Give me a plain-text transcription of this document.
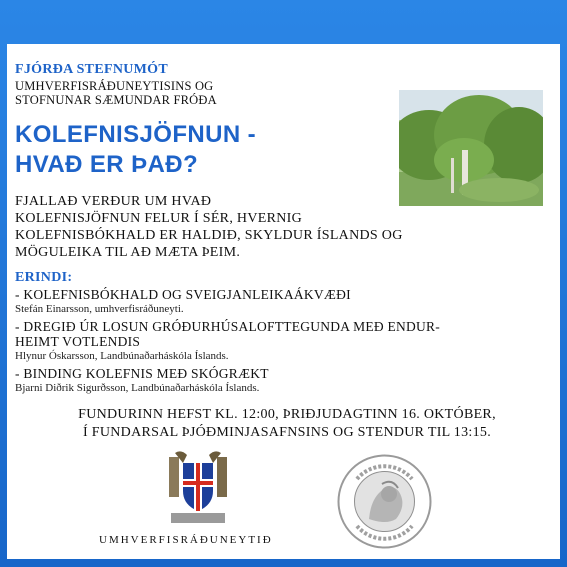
FJÓRÐA STEFNUMÓT
UMHVERFISRÁÐUNEYTISINS OG
STOFNUNAR SÆMUNDAR FRÓÐA
KOLEFNISJÖFNUN -
HVAÐ ER ÞAÐ?
FJALLAÐ VERÐUR UM HVAÐ
KOLEFNISJÖFNUN FELUR Í SÉR, HVERNIG
KOLEFNISBÓKHALD ER HALDIÐ, SKYLDUR ÍSLANDS OG
MÖGULEIKA TIL AÐ MÆTA ÞEIM.
ERINDI:
- KOLEFNISBÓKHALD OG SVEIGJANLEIKAÁKVÆÐI
Stefán Einarsson, umhverfisráðuneyti.
- DREGIÐ ÚR LOSUN GRÓÐURHÚSALOFTTEGUNDA MEÐ ENDUR-
HEIMT VOTLENDIS
Hlynur Óskarsson, Landbúnaðarháskóla Íslands.
- BINDING KOLEFNIS MEÐ SKÓGRÆKT
Bjarni Diðrik Sigurðsson, Landbúnaðarháskóla Íslands.
FUNDURINN HEFST KL. 12:00, ÞRIÐJUDAGTINN 16. OKTÓBER,
Í FUNDARSAL ÞJÓÐMINJASAFNSINS OG STENDUR TIL 13:15.
UMHVERFISRÁÐUNEYTIÐ
